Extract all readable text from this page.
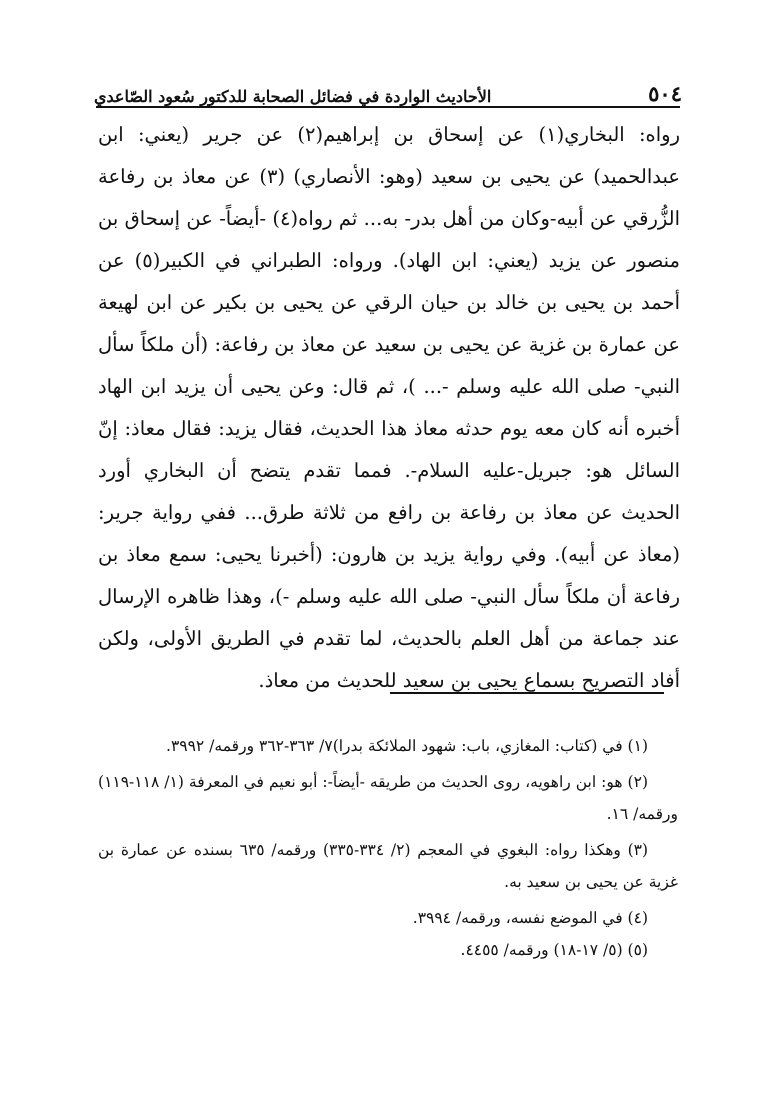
٥٠٤
الأحاديث الواردة في فضائل الصحابة للدكتور سُعود الصّاعدي

رواه: البخاري(١) عن إسحاق بن إبراهيم(٢) عن جرير (يعني: ابن عبدالحميد) عن يحيى بن سعيد (وهو: الأنصاري) (٣) عن معاذ بن رفاعة الزُّرقي عن أبيه-وكان من أهل بدر- به... ثم رواه(٤) -أيضاً- عن إسحاق بن منصور عن يزيد (يعني: ابن الهاد). ورواه: الطبراني في الكبير(٥) عن أحمد بن يحيى بن خالد بن حيان الرقي عن يحيى بن بكير عن ابن لهيعة عن عمارة بن غزية عن يحيى بن سعيد عن معاذ بن رفاعة: (أن ملكاً سأل النبي- صلى الله عليه وسلم -... )، ثم قال: وعن يحيى أن يزيد ابن الهاد أخبره أنه كان معه يوم حدثه معاذ هذا الحديث، فقال يزيد: فقال معاذ: إنّ السائل هو: جبريل-عليه السلام-. فمما تقدم يتضح أن البخاري أورد الحديث عن معاذ بن رفاعة بن رافع من ثلاثة طرق... ففي رواية جرير: (معاذ عن أبيه). وفي رواية يزيد بن هارون: (أخبرنا يحيى: سمع معاذ بن رفاعة أن ملكاً سأل النبي- صلى الله عليه وسلم -)، وهذا ظاهره الإرسال عند جماعة من أهل العلم بالحديث، لما تقدم في الطريق الأولى، ولكن أفاد التصريح بسماع يحيى بن سعيد للحديث من معاذ.

(١) في (كتاب: المغازي، باب: شهود الملائكة بدرا)٧/ ٣٦٣-٣٦٢ ورقمه/ ٣٩٩٢.

(٢) هو: ابن راهويه، روى الحديث من طريقه -أيضاً-: أبو نعيم في المعرفة (١/ ١١٨-١١٩) ورقمه/ ١٦.

(٣) وهكذا رواه: البغوي في المعجم (٢/ ٣٣٤-٣٣٥) ورقمه/ ٦٣٥ بسنده عن عمارة بن غزية عن يحيى بن سعيد به.

(٤) في الموضع نفسه، ورقمه/ ٣٩٩٤.

(٥) (٥/ ١٧-١٨) ورقمه/ ٤٤٥٥.
